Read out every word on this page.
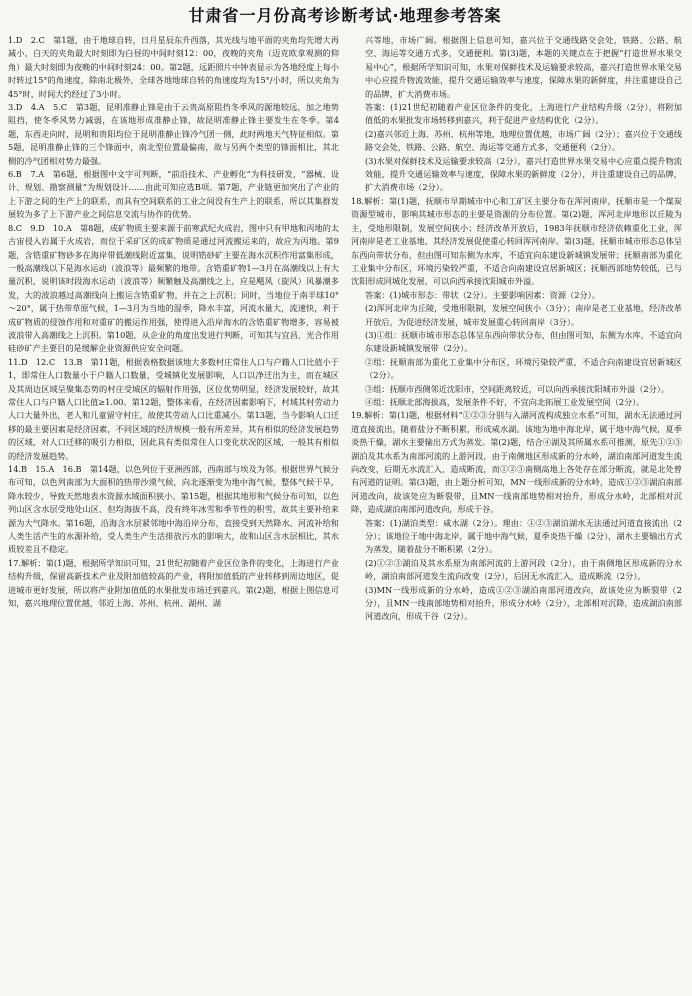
甘肃省一月份高考诊断考试·地理参考答案

1.D　2.C　第1题，由于地球自转，日月星辰东升西落，其光线与地平面的夹角均先增大再减小，白天的夹角最大时刻即为白昼的中间时刻12：00，夜晚的夹角（迈克欧拿观测的仰角）最大时刻即为夜晚的中间时刻24：00。第2题，远距照片中钟表显示为各地经度上每小时转过15°的角速度，除南北极外，全球各地地球自转的角速度均为15°/小时，所以夹角为45°时，时间大约经过了3小时。

3.D　4.A　5.C　第3题，昆明准静止锋是由于云贵高原阻挡冬季风的源地较远，加之地势阻挡，使冬季风势力减弱，在该地形成准静止锋，故昆明准静止锋主要发生在冬季。第4题，东西走向时，昆明和贵阳均位于昆明准静止锋冷气团一侧，此时两地天气特征相似。第5题，昆明准静止锋的三个锋面中，南北型位置最偏南，故与另两个类型的锋面相比，其北侧的冷气团相对势力最强。

6.B　7.A　第6题，根据图中文字可判断，“前沿技术、产业孵化”为科技研发，“器械、设计、规划、勘察测量”为规划设计……由此可知应选B项。第7题，产业链更加突出了产业的上下游之间的生产上的联系，而具有空间联系的工业之间没有生产上的联系，所以其集群发展较为多了上下游产业之间信息交流与协作的优势。

8.C　9.D　10.A　第8题，成矿物质主要来源于前寒武纪火成岩，图中只有甲地和丙地的太古宙侵入岩属于火成岩，而位于采矿区的成矿物质是通过河流搬运来的，故应为丙地。第9题，含锆重矿物砂多在海岸带低潮线附近富集，说明锆砂矿主要在海水沉积作用富集形成，一般高潮线以下是海水运动（波浪等）最频繁的地带。含锆重矿物1—3月在高潮线以上有大量沉积，说明该时段海水运动（波浪等）频繁触及高潮线之上，应是飓风（旋风）风暴潮多发，大的波浪越过高潮线向上搬运含锆重矿物，并在之上沉积；同时，当地位于南半球10°～20°，属于热带草原气候，1—3月为当地的湿季，降水丰富，河流水量大，流速快，利于成矿物质的侵蚀作用和对重矿的搬运作用强，使得进入沿岸海水的含锆重矿物增多，容易被波浪带入高潮线之上沉积。第10题，从企业的角度出发进行判断，可知其与宜昌、光合作用硅砂矿产主要目的是缓解企业资源供应安全问题。

11.D　12.C　13.B　第11题，根据表格数据该地大多数村庄常住人口与户籍人口比值小于1，即常住人口数量小于户籍人口数量，受城镇化发展影响，人口以净迁出为主，而在城区及其周边区域呈聚集态势的村庄受城区的辐射作用强，区位优势明显，经济发展较好，故其常住人口与户籍人口比值≥1.00。第12题，整体来看，在经济因素影响下，村域其村劳动力人口大量外出，老人和儿童留守村庄，故使其劳动人口比重减小。第13题，当今影响人口迁移的最主要因素是经济因素，不同区域的经济规模一般有所差异，其有相似的经济发展趋势的区域，对人口迁移的吸引力相似，因此具有类似常住人口变化状况的区域，一般其有相似的经济发展趋势。

14.B　15.A　16.B　第14题，以色列位于亚洲西部，西南部与埃及为邻。根据世界气候分布可知，以色列南部为大面积的热带沙漠气候，向北逐渐变为地中海气候，整体气候干旱，降水较少，导致天然地表水资源水域面积狭小。第15题，根据其地形和气候分布可知，以色列山区含水层受地处山区、但均海拔不高，没有终年冰雪和季节性的积雪，故其主要补给来源为大气降水。第16题，沿海含水层紧邻地中海沿岸分布，直接受到天然降水、河流补给和人类生活产生的水源补给，受人类生产生活排放污水的影响大，故和山区含水层相比，其水质较差且不稳定。

17.解析：第(1)题，根据所学知识可知，21世纪初随着产业区位条件的变化，上海进行产业结构升级，保留高新技术产业及附加值较高的产业，将附加值低的产业转移到周边地区，促进城市更好发展，所以将产业附加值低的水果批发市场迁到嘉兴。第(2)题，根据上图信息可知，嘉兴地理位置优越，邻近上海、苏州、杭州、湖州、湖

兴等地，市场广阔。根据图上信息可知，嘉兴位于交通线路交会处，铁路、公路、航空、海运等交通方式多，交通便利。第(3)题，本题的关键点在于把握“打造世界水果交易中心”，根据所学知识可知，水果对保鲜技术及运输要求较高，嘉兴打造世界水果交易中心应提升物流效能，提升交通运输效率与速度，保障水果的新鲜度，并注重建设自己的品牌，扩大消费市场。

答案：(1)21世纪初随着产业区位条件的变化，上海进行产业结构升级（2分），将附加值低的水果批发市场转移到嘉兴，利于促进产业结构优化（2分）。

(2)嘉兴邻近上海、苏州、杭州等地，地理位置优越，市场广阔（2分）；嘉兴位于交通线路交会处，铁路、公路、航空、海运等交通方式多，交通便利（2分）。

(3)水果对保鲜技术及运输要求较高（2分），嘉兴打造世界水果交易中心应重点提升物流效能，提升交通运输效率与速度，保障水果的新鲜度（2分），并注重建设自己的品牌，扩大消费市场（2分）。

18.解析：第(1)题，抚顺市早期城市中心和工矿区主要分布在浑河南岸，抚顺市是一个煤炭资源型城市，影响其城市形态的主要是资源的分布位置。第(2)题，浑河北岸地形以丘陵为主，受地形限制，发展空间狭小；经济改革开放后，1983年抚顺市经济依赖重化工业，浑河南岸是老工业基地，其经济发展促使重心转回浑河南岸。第(3)题，抚顺市城市形态总体呈东西向带状分布，但由图可知东侧为水库，不适宜向东建设新城镇发展带；抚顺南部为重化工业集中分布区，环境污染较严重，不适合向南建设宜居新城区；抚顺西部地势较低，已与沈阳形成同城化发展，可以向西承接沈阳城市外溢。

答案：(1)城市形态：带状（2分）。主要影响因素：资源（2分）。

(2)浑河北岸为丘陵，受地形限制，发展空间狭小（3分）；南岸是老工业基地，经济改革开放后，为促进经济发展，城市发展重心转回南岸（3分）。

(3)①组：抚顺市城市形态总体呈东西向带状分布，但由图可知，东侧为水库，不适宜向东建设新城镇发展带（2分）。

②组：抚顺南部为重化工业集中分布区，环境污染较严重，不适合向南建设宜居新城区（2分）。

③组：抚顺市西侧邻近沈阳市，空间距离较近，可以向西承接沈阳城市外溢（2分）。

④组：抚顺北部海拔高，发展条件不好，不宜向北拓展工业发展空间（2分）。

19.解析：第(1)题，根据材料“①②③分别与入湖河流构成独立水系”可知，湖水无法通过河道直接流出，随着盐分不断积累，形成咸水湖。该地为地中海北岸，属于地中海气候，夏季炎热干燥，湖水主要输出方式为蒸发。第(2)题，结合④湖及其所属水系可推测，原先①②③湖泊及其水系为南部河流的上游河段，由于南侧地区形成新的分水岭，湖泊南部河道发生流向改变，后期无水流汇入，造成断流，而①②③南侧高地上各处存在部分断流，就是北处曾有河道的证明。第(3)题，由上题分析可知，MN一线形成新的分水岭，造成①②③湖泊南部河道改向，故该处应为断裂带，且MN一线南部地势相对抬升，形成分水岭，北部相对沉降，造成湖泊南部河道改向，形成干谷。

答案：(1)湖泊类型：咸水湖（2分）。理由：①②③湖泊湖水无法通过河道直接流出（2分）；该地位于地中海北岸，属于地中海气候，夏季炎热干燥（2分），湖水主要输出方式为蒸发，随着盐分不断积累（2分）。

(2)①②③湖泊及其水系原为南部河流的上游河段（2分），由于南侧地区形成新的分水岭，湖泊南部河道发生流向改变（2分），后因无水流汇入，造成断流（2分）。

(3)MN一线形成新的分水岭，造成①②③湖泊南部河道改向，故该处应为断裂带（2分），且MN一线南部地势相对抬升，形成分水岭（2分），北部相对沉降，造成湖泊南部河道改向，形成干谷（2分）。
